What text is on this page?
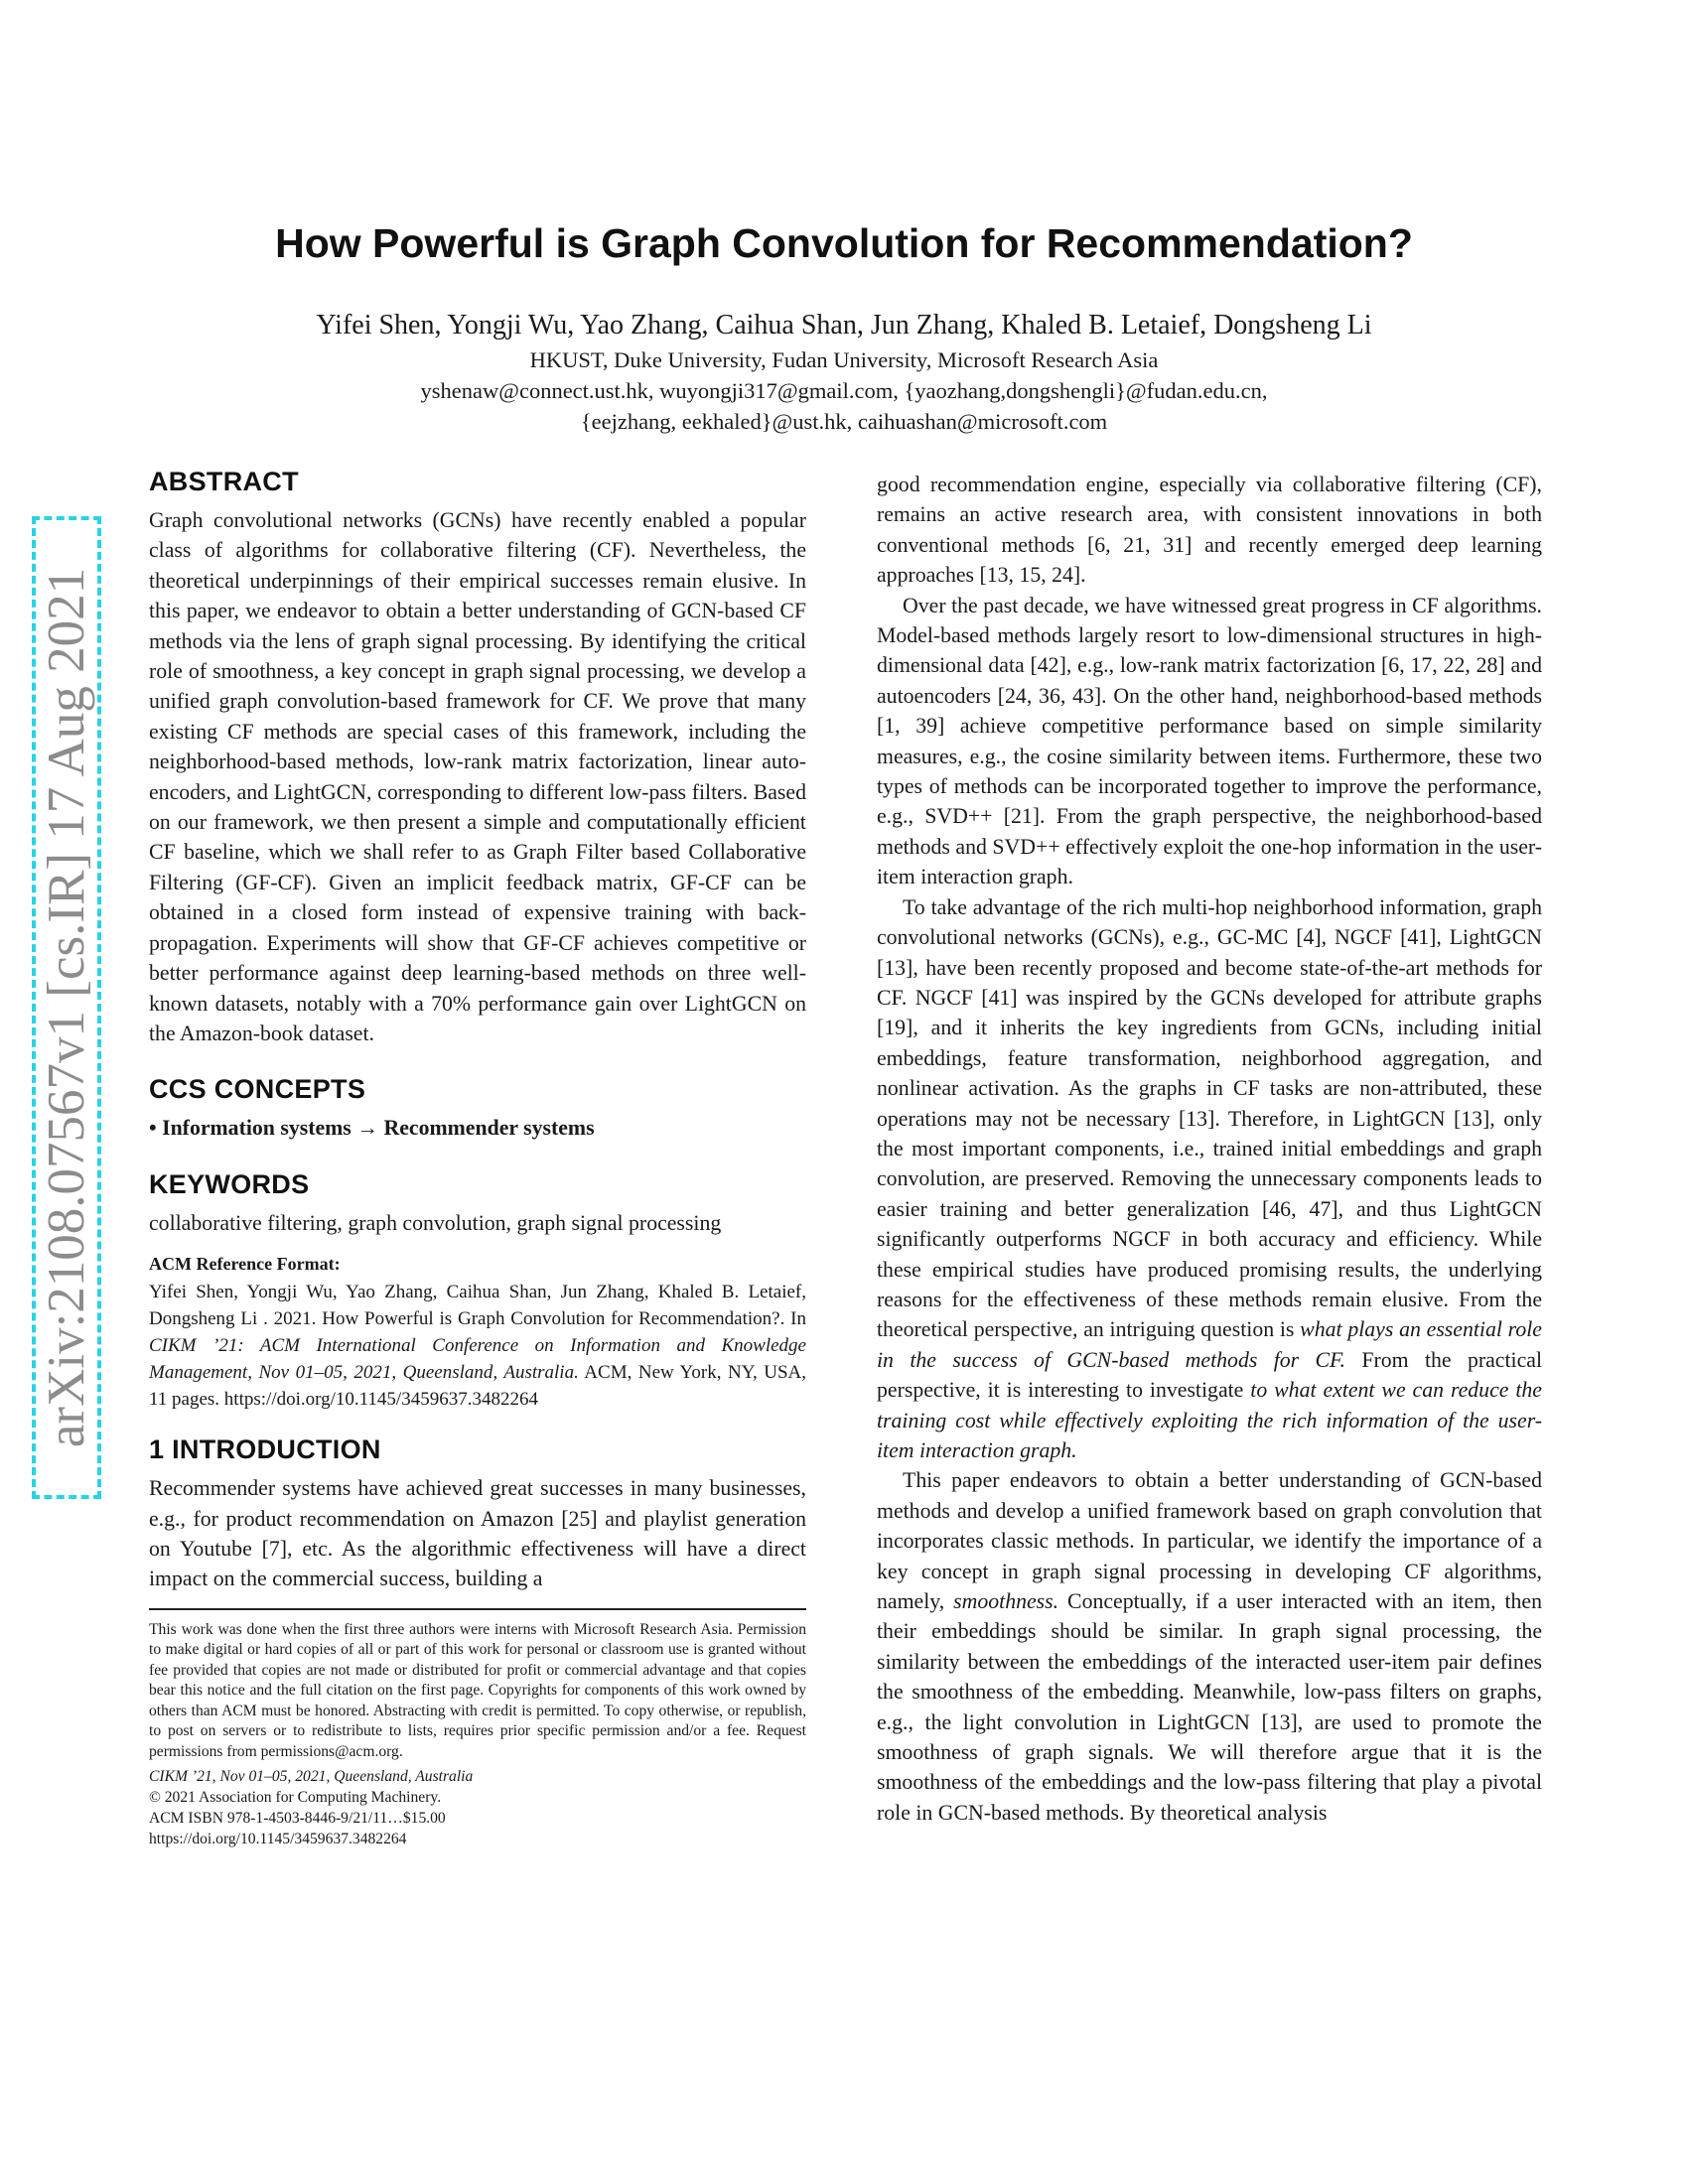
arXiv:2108.07567v1 [cs.IR] 17 Aug 2021
How Powerful is Graph Convolution for Recommendation?
Yifei Shen, Yongji Wu, Yao Zhang, Caihua Shan, Jun Zhang, Khaled B. Letaief, Dongsheng Li
HKUST, Duke University, Fudan University, Microsoft Research Asia
yshenaw@connect.ust.hk, wuyongji317@gmail.com, {yaozhang,dongshengli}@fudan.edu.cn,
{eejzhang, eekhaled}@ust.hk, caihuashan@microsoft.com
ABSTRACT

Graph convolutional networks (GCNs) have recently enabled a popular class of algorithms for collaborative filtering (CF). Nevertheless, the theoretical underpinnings of their empirical successes remain elusive. In this paper, we endeavor to obtain a better understanding of GCN-based CF methods via the lens of graph signal processing. By identifying the critical role of smoothness, a key concept in graph signal processing, we develop a unified graph convolution-based framework for CF. We prove that many existing CF methods are special cases of this framework, including the neighborhood-based methods, low-rank matrix factorization, linear auto-encoders, and LightGCN, corresponding to different low-pass filters. Based on our framework, we then present a simple and computationally efficient CF baseline, which we shall refer to as Graph Filter based Collaborative Filtering (GF-CF). Given an implicit feedback matrix, GF-CF can be obtained in a closed form instead of expensive training with back-propagation. Experiments will show that GF-CF achieves competitive or better performance against deep learning-based methods on three well-known datasets, notably with a 70% performance gain over LightGCN on the Amazon-book dataset.

CCS CONCEPTS

• Information systems → Recommender systems

KEYWORDS

collaborative filtering, graph convolution, graph signal processing

ACM Reference Format:

Yifei Shen, Yongji Wu, Yao Zhang, Caihua Shan, Jun Zhang, Khaled B. Letaief, Dongsheng Li . 2021. How Powerful is Graph Convolution for Recommendation?. In CIKM ’21: ACM International Conference on Information and Knowledge Management, Nov 01–05, 2021, Queensland, Australia. ACM, New York, NY, USA, 11 pages. https://doi.org/10.1145/3459637.3482264

1 INTRODUCTION

Recommender systems have achieved great successes in many businesses, e.g., for product recommendation on Amazon [25] and playlist generation on Youtube [7], etc. As the algorithmic effectiveness will have a direct impact on the commercial success, building a

This work was done when the first three authors were interns with Microsoft Research Asia. Permission to make digital or hard copies of all or part of this work for personal or classroom use is granted without fee provided that copies are not made or distributed for profit or commercial advantage and that copies bear this notice and the full citation on the first page. Copyrights for components of this work owned by others than ACM must be honored. Abstracting with credit is permitted. To copy otherwise, or republish, to post on servers or to redistribute to lists, requires prior specific permission and/or a fee. Request permissions from permissions@acm.org.

CIKM ’21, Nov 01–05, 2021, Queensland, Australia

© 2021 Association for Computing Machinery.

ACM ISBN 978-1-4503-8446-9/21/11…$15.00

https://doi.org/10.1145/3459637.3482264

good recommendation engine, especially via collaborative filtering (CF), remains an active research area, with consistent innovations in both conventional methods [6, 21, 31] and recently emerged deep learning approaches [13, 15, 24].

Over the past decade, we have witnessed great progress in CF algorithms. Model-based methods largely resort to low-dimensional structures in high-dimensional data [42], e.g., low-rank matrix factorization [6, 17, 22, 28] and autoencoders [24, 36, 43]. On the other hand, neighborhood-based methods [1, 39] achieve competitive performance based on simple similarity measures, e.g., the cosine similarity between items. Furthermore, these two types of methods can be incorporated together to improve the performance, e.g., SVD++ [21]. From the graph perspective, the neighborhood-based methods and SVD++ effectively exploit the one-hop information in the user-item interaction graph.

To take advantage of the rich multi-hop neighborhood information, graph convolutional networks (GCNs), e.g., GC-MC [4], NGCF [41], LightGCN [13], have been recently proposed and become state-of-the-art methods for CF. NGCF [41] was inspired by the GCNs developed for attribute graphs [19], and it inherits the key ingredients from GCNs, including initial embeddings, feature transformation, neighborhood aggregation, and nonlinear activation. As the graphs in CF tasks are non-attributed, these operations may not be necessary [13]. Therefore, in LightGCN [13], only the most important components, i.e., trained initial embeddings and graph convolution, are preserved. Removing the unnecessary components leads to easier training and better generalization [46, 47], and thus LightGCN significantly outperforms NGCF in both accuracy and efficiency. While these empirical studies have produced promising results, the underlying reasons for the effectiveness of these methods remain elusive. From the theoretical perspective, an intriguing question is what plays an essential role in the success of GCN-based methods for CF. From the practical perspective, it is interesting to investigate to what extent we can reduce the training cost while effectively exploiting the rich information of the user-item interaction graph.

This paper endeavors to obtain a better understanding of GCN-based methods and develop a unified framework based on graph convolution that incorporates classic methods. In particular, we identify the importance of a key concept in graph signal processing in developing CF algorithms, namely, smoothness. Conceptually, if a user interacted with an item, then their embeddings should be similar. In graph signal processing, the similarity between the embeddings of the interacted user-item pair defines the smoothness of the embedding. Meanwhile, low-pass filters on graphs, e.g., the light convolution in LightGCN [13], are used to promote the smoothness of graph signals. We will therefore argue that it is the smoothness of the embeddings and the low-pass filtering that play a pivotal role in GCN-based methods. By theoretical analysis
